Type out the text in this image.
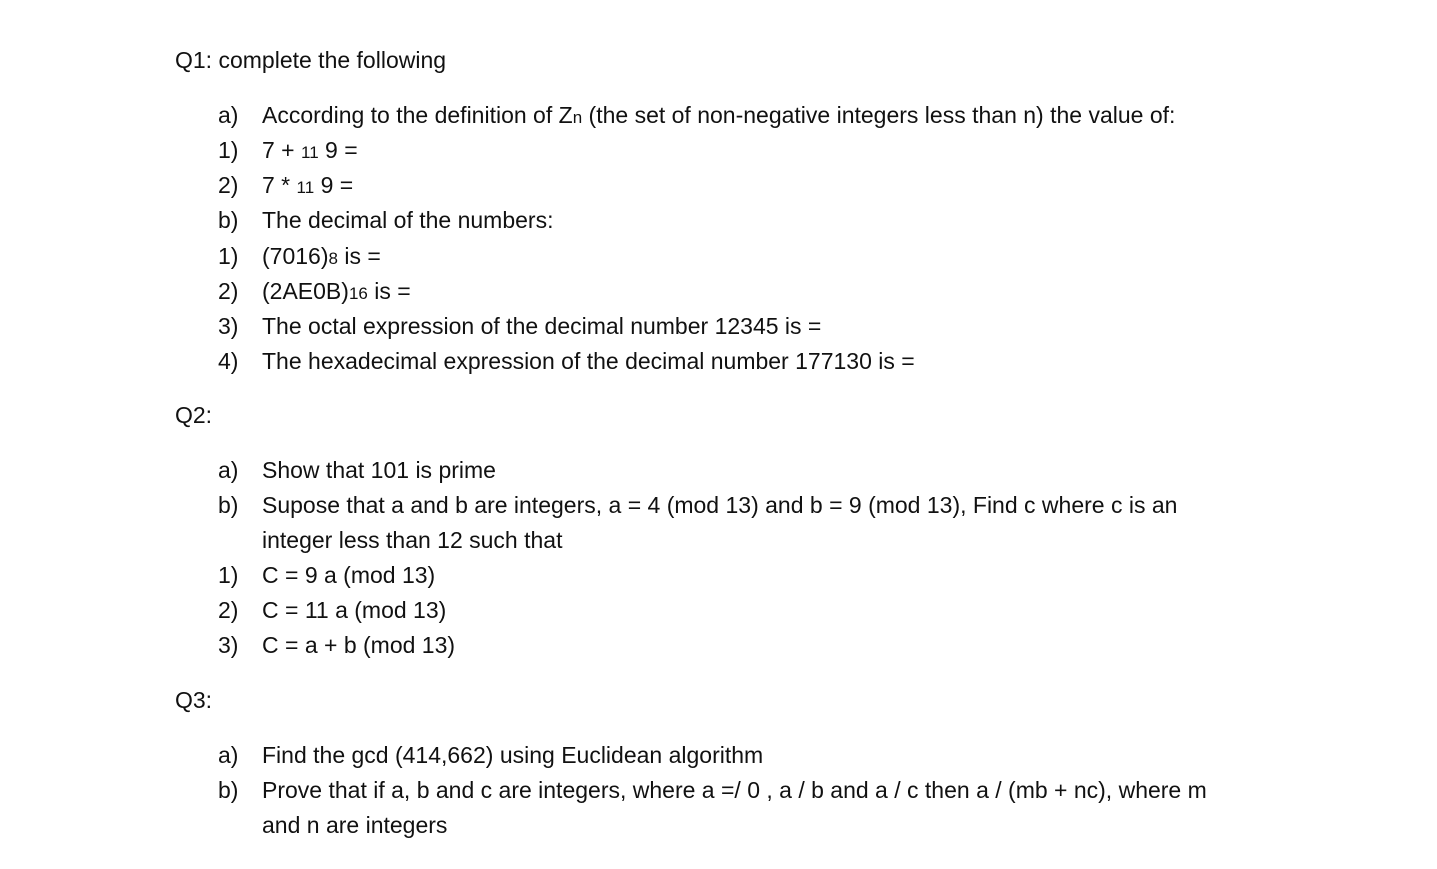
Q1: complete the following
a) According to the definition of Zn (the set of non-negative integers less than n) the value of:
1) 7 + 11 9 =
2) 7 * 11 9 =
b) The decimal of the numbers:
1) (7016)8 is =
2) (2AE0B)16 is =
3) The octal expression of the decimal number 12345 is =
4) The hexadecimal expression of the decimal number 177130 is =
Q2:
a) Show that 101 is prime
b) Supose that a and b are integers, a = 4 (mod 13) and b = 9 (mod 13), Find c where c is an
integer less than 12 such that
1) C = 9 a (mod 13)
2) C = 11 a (mod 13)
3) C = a + b (mod 13)
Q3:
a) Find the gcd (414,662) using Euclidean algorithm
b) Prove that if a, b and c are integers, where a =/ 0 , a / b and a / c then a / (mb + nc), where m
and n are integers
